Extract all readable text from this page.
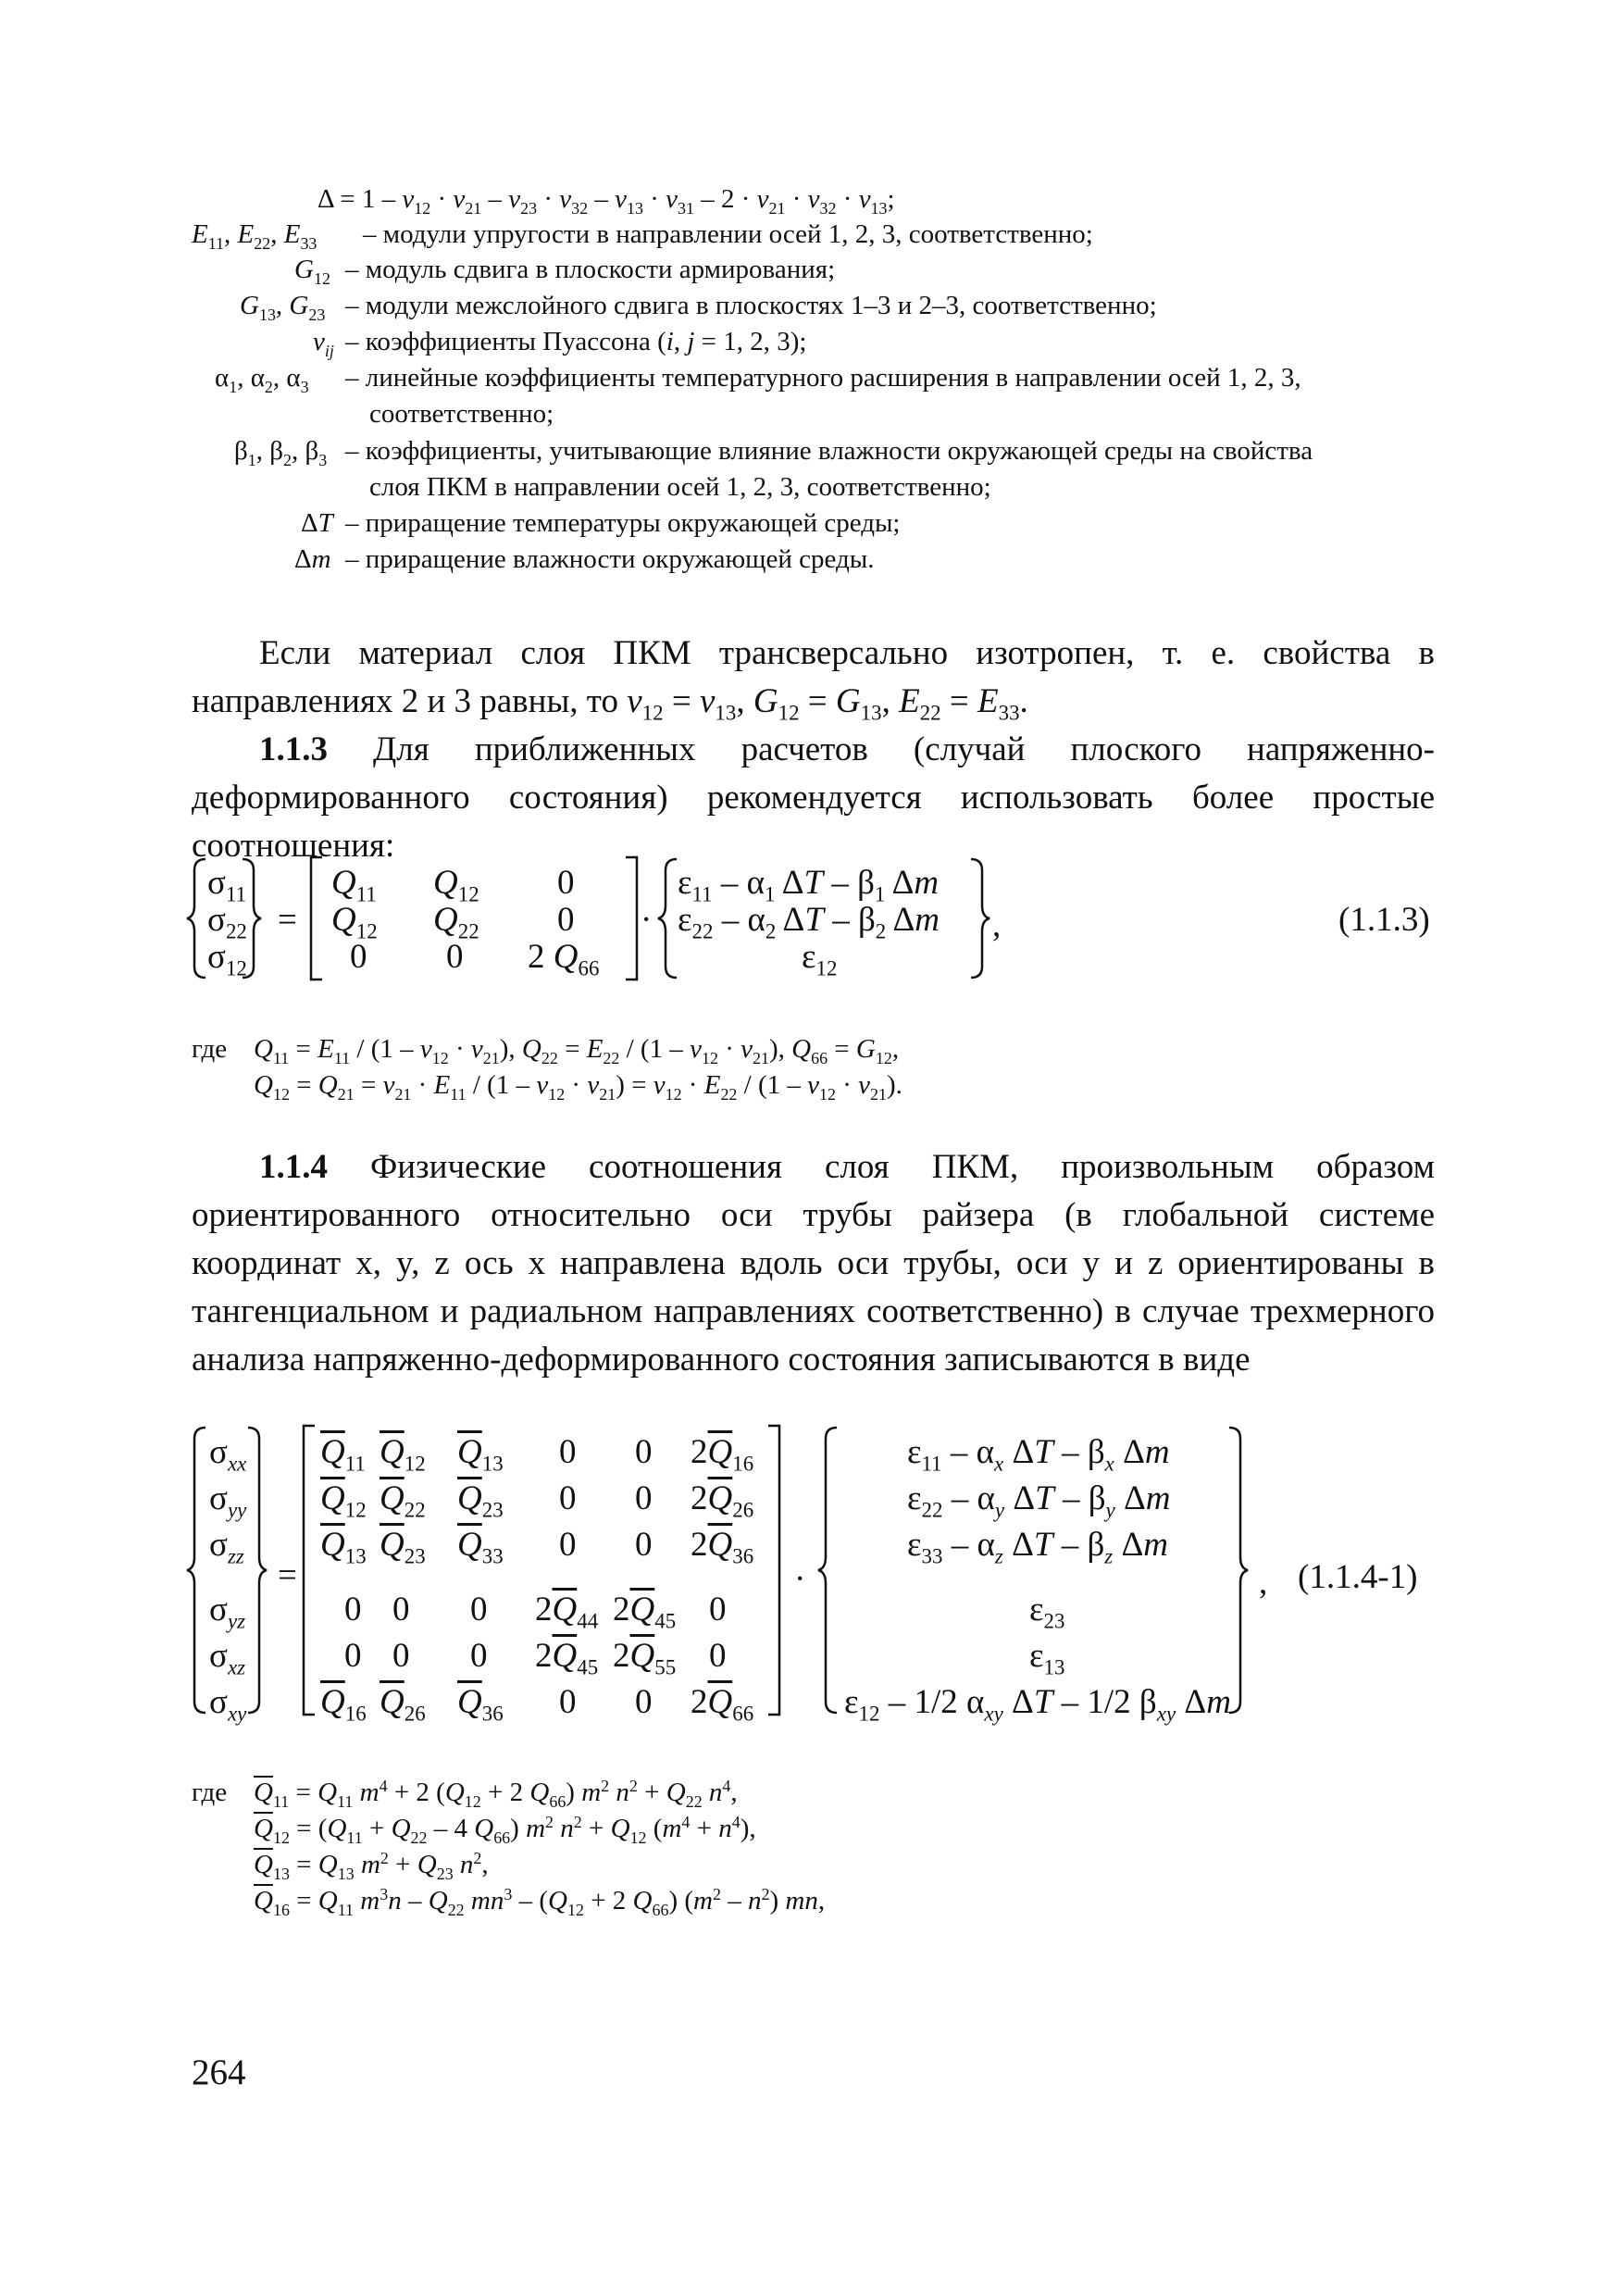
$\Delta = 1 - \nu_{12} \cdot \nu_{21} - \nu_{23} \cdot \nu_{32} - \nu_{13} \cdot \nu_{31} - 2 \cdot \nu_{21} \cdot \nu_{32} \cdot \nu_{13}$;
$E_{11}$, $E_{22}$, $E_{33}$ – модули упругости в направлении осей 1, 2, 3, соответственно;
$G_{12}$ – модуль сдвига в плоскости армирования;
$G_{13}$, $G_{23}$ – модули межслойного сдвига в плоскостях 1–3 и 2–3, соответственно;
$\nu_{ij}$ – коэффициенты Пуассона (i, j = 1, 2, 3);
$\alpha_1$, $\alpha_2$, $\alpha_3$ – линейные коэффициенты температурного расширения в направлении осей 1, 2, 3,
соответственно;
$\beta_1$, $\beta_2$, $\beta_3$ – коэффициенты, учитывающие влияние влажности окружающей среды на свойства
слоя ПКМ в направлении осей 1, 2, 3, соответственно;
ΔT – приращение температуры окружающей среды;
Δm – приращение влажности окружающей среды.
Если материал слоя ПКМ трансверсально изотропен, т. е. свойства в направлениях 2 и 3 равны, то $\nu_{12} = \nu_{13}$, $G_{12} = G_{13}$, $E_{22} = E_{33}$.
1.1.3 Для приближенных расчетов (случай плоского напряженно-деформированного состояния) рекомендуется использовать более простые соотношения:
$\sigma_{11}$
$\sigma_{22}$
$\sigma_{12}$
=
$Q_{11}$ $Q_{12}$ 0
$Q_{12}$ $Q_{22}$ 0
0 0 2 $Q_{66}$
·
$\varepsilon_{11} - \alpha_1$ ΔT – $\beta_1$ Δm
$\varepsilon_{22} - \alpha_2$ ΔT – $\beta_2$ Δm
$\varepsilon_{12}$
,	(1.1.3)
где $Q_{11} = E_{11} / (1 - \nu_{12} \cdot \nu_{21})$, $Q_{22} = E_{22} / (1 - \nu_{12} \cdot \nu_{21})$, $Q_{66} = G_{12}$,
$Q_{12} = Q_{21} = \nu_{21} \cdot E_{11} / (1 - \nu_{12} \cdot \nu_{21}) = \nu_{12} \cdot E_{22} / (1 - \nu_{12} \cdot \nu_{21})$.
1.1.4 Физические соотношения слоя ПКМ, произвольным образом ориентированного относительно оси трубы райзера (в глобальной системе координат x, y, z ось x направлена вдоль оси трубы, оси y и z ориентированы в тангенциальном и радиальном направлениях соответственно) в случае трехмерного анализа напряженно-деформированного состояния записываются в виде
$\sigma_{xx}$
$\sigma_{yy}$
$\sigma_{zz}$
$\sigma_{yz}$
$\sigma_{xz}$
$\sigma_{xy}$
=
$\overline{Q}_{11}$ $\overline{Q}_{12}$ $\overline{Q}_{13}$ 0 0 $2\overline{Q}_{16}$
$\overline{Q}_{12}$ $\overline{Q}_{22}$ $\overline{Q}_{23}$ 0 0 $2\overline{Q}_{26}$
$\overline{Q}_{13}$ $\overline{Q}_{23}$ $\overline{Q}_{33}$ 0 0 $2\overline{Q}_{36}$
0 0 0 $2\overline{Q}_{44}$ $2\overline{Q}_{45}$ 0
0 0 0 $2\overline{Q}_{45}$ $2\overline{Q}_{55}$ 0
$\overline{Q}_{16}$ $\overline{Q}_{26}$ $\overline{Q}_{36}$ 0 0 $2\overline{Q}_{66}$
·
$\varepsilon_{11} - \alpha_x$ ΔT – $\beta_x$ Δm
$\varepsilon_{22} - \alpha_y$ ΔT – $\beta_y$ Δm
$\varepsilon_{33} - \alpha_z$ ΔT – $\beta_z$ Δm
$\varepsilon_{23}$
$\varepsilon_{13}$
$\varepsilon_{12} - 1/2$ $\alpha_{xy}$ ΔT – 1/2 $\beta_{xy}$ Δm
, (1.1.4-1)
где $\overline{Q}_{11} = Q_{11}$ $m^4 + 2$ ($Q_{12} + 2$ $Q_{66}$) $m^2$ $n^2 + Q_{22}$ $n^4$,
$\overline{Q}_{12} = (Q_{11} + Q_{22} - 4$ $Q_{66}$) $m^2$ $n^2 + Q_{12}$ $(m^4 + n^4)$,
$\overline{Q}_{13} = Q_{13}$ $m^2 + Q_{23}$ $n^2$,
$\overline{Q}_{16} = Q_{11}$ $m^3n - Q_{22}$ $mn^3 - (Q_{12} + 2$ $Q_{66}$) $(m^2 - n^2)$ mn,
264
